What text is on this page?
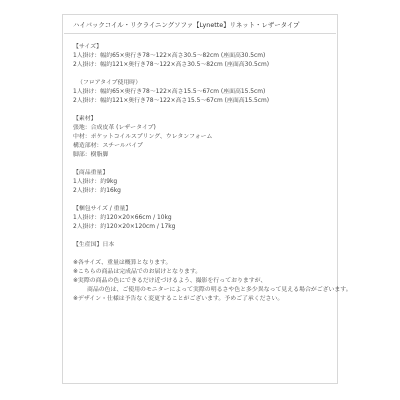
ハイバックコイル・リクライニングソファ【Lynette】リネット・レザータイプ
【サイズ】
1人掛け：幅約65×奥行き78～122×高さ30.5～82cm (座面高30.5cm)
2人掛け：幅約121×奥行き78～122×高さ30.5～82cm (座面高30.5cm)
（フロアタイプ使用時）
1人掛け：幅約65×奥行き78～122×高さ15.5～67cm (座面高15.5cm)
2人掛け：幅約121×奥行き78～122×高さ15.5～67cm (座面高15.5cm)
【素材】
張地：合成皮革 (レザータイプ)
中材：ポケットコイルスプリング、ウレタンフォーム
構造部材：スチールパイプ
脚部：樹脂脚
【商品重量】
1人掛け：約9kg
2人掛け：約16kg
【梱包サイズ / 重量】
1人掛け：約120×20×66cm / 10kg
2人掛け：約120×20×120cm / 17kg
【生産国】日本
※各サイズ、重量は概算となります。
※こちらの商品は完成品でのお届けとなります。
※実際の商品の色にできるだけ近づけるよう、撮影を行っておりますが、
商品の色は、ご使用のモニターによって実際の明るさや色と多少異なって見える場合がございます。
※デザイン・仕様は予告なく変更することがございます。予めご了承ください。
